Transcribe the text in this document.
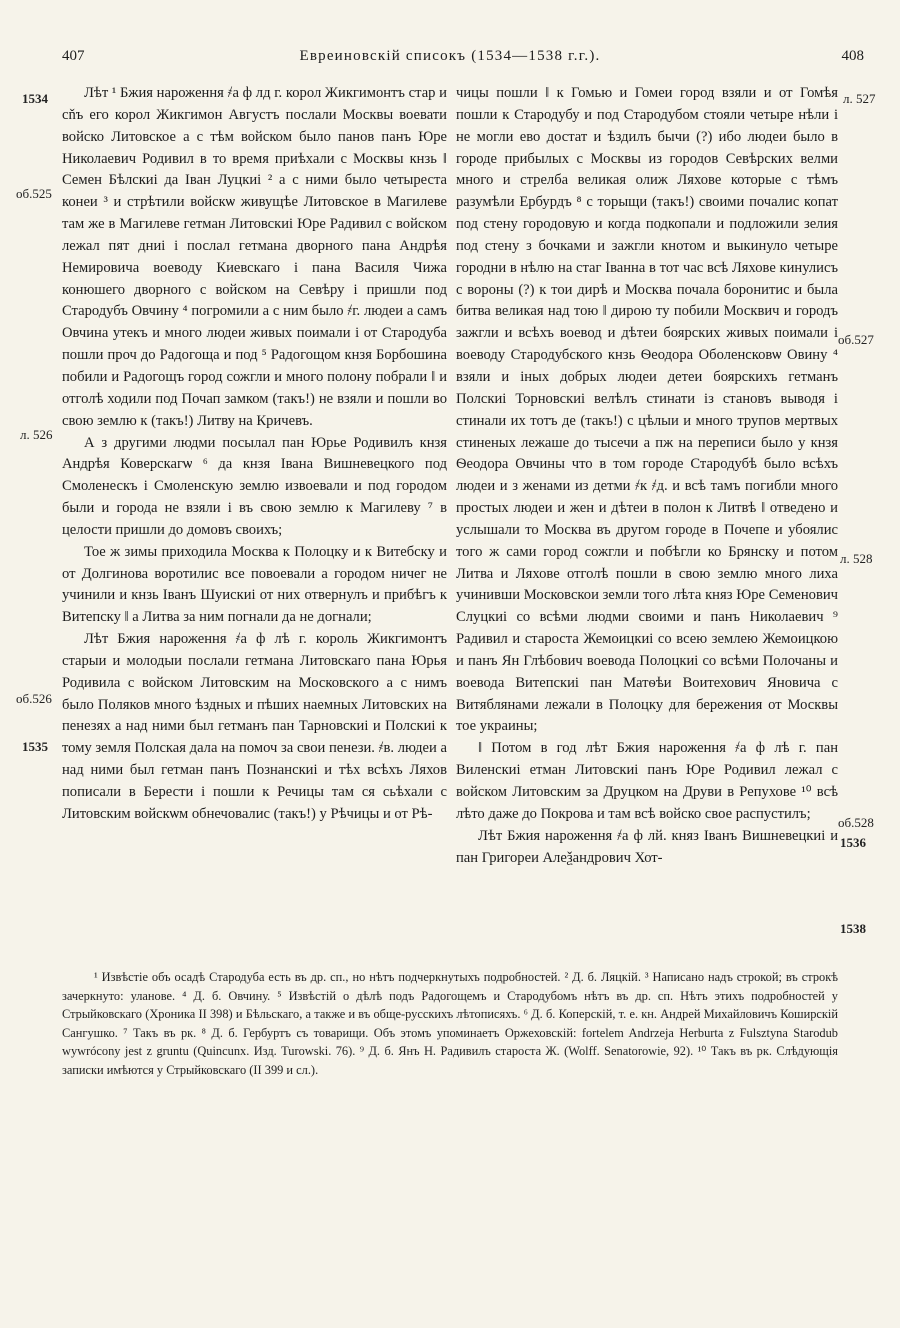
407	Евреиновскій списокъ (1534—1538 г.г.).	408
1534
об.525
л. 526
об.526
1535
л. 527
об.527
л. 528
об.528
1536
1538

Лѣт ¹ Бжия нароження ҂а ф лд г. корол Жикгимонтъ стар и сňъ его корол Жикгимон Августъ послали Москвы воевати войско Литовское а с тѣм войском было панов панъ Юре Николаевич Родивил в то время приѣхали с Москвы кнзь ‖ Семен Бѣлскиі да Іван Луцкиі ² а с ними было четыреста конеи ³ и стрѣтили войскѡ живущѣе Литовское в Магилеве там же в Магилеве гетман Литовскиі Юре Радивил с войском лежал пят дниі і послал гетмана дворного пана Андрѣя Немировича воеводу Киевскаго і пана Василя Чижа конюшего дворного с войском на Севѣру і пришли под Стародубъ Овчину ⁴ погромили а с ним было ҂г. людеи а самъ Овчина утекъ и много людеи живых поимали і от Стародуба пошли проч до Радогоща и под ⁵ Радогощом кнзя Борбошина побили и Радогощъ город сожгли и много полону побрали ‖ и отголѣ ходили под Почап замком (такъ!) не взяли и пошли во свою землю к (такъ!) Литву на Кричевъ.

А з другими людми посылал пан Юрье Родивилъ кнзя Андрѣя Коверскагѡ ⁶ да кнзя Івана Вишневецкого под Смоленескъ і Смоленскую землю извоевали и под городом были и города не взяли і въ свою землю к Магилеву ⁷ в целости пришли до домовъ своихъ;

Тое ж зимы приходила Москва к Полоцку и к Витебску и от Долгинова воротилис все повоевали а городом ничег не учинили и кнзь Іванъ Шуискиі от них отвернулъ и прибѣгъ к Витепску ‖ а Литва за ним погнали да не догнали;

Лѣт Бжия нароження ҂а ф лѣ г. король Жикгимонтъ старыи и молодыи послали гетмана Литовскаго пана Юрья Родивила с войском Литовским на Московского а с нимъ было Поляков много ѣздных и пѣших наемных Литовских на пенезях а над ними был гетманъ пан Тарновскиі и Полскиі к тому земля Полская дала на помоч за свои пенези. ҂в. людеи а над ними был гетман панъ Познанскиі и тѣх всѣхъ Ляхов пописали в Берести і пошли к Речицы там ся сьѣхали с Литовским войскѡм обнечовалис (такъ!) у Рѣчицы и от Рѣ-

чицы пошли ‖ к Гомью и Гомеи город взяли и от Гомѣя пошли к Стародубу и под Стародубом стояли четыре нѣли і не могли ево достат и ѣздилъ бычи (?) ибо людеи было в городе прибылых с Москвы из городов Севѣрских велми много и стрелба великая олиж Ляхове которые с тѣмъ разумѣли Ербурдъ ⁸ с торыщи (такъ!) своими почалис копат под стену городовую и когда подкопали и подложили зелия под стену з бочками и зажгли кнотом и выкинуло четыре городни в нѣлю на стаг Іванна в тот час всѣ Ляхове кинулисъ с вороны (?) к тои дирѣ и Москва почала боронитис и была битва великая над тою ‖ дирою ту побили Москвич и городъ зажгли и всѣхъ воевод и дѣтеи боярских живых поимали і воеводу Стародубского кнзь Ѳеодора Оболенсковѡ Овину ⁴ взяли и іных добрых людеи детеи боярскихъ гетманъ Полскиі Торновскиі велѣлъ стинати із становъ выводя і стинали их тотъ де (такъ!) с цѣлыи и много трупов мертвых стиненых лежаше до тысечи а пж на переписи было у кнзя Ѳеодора Овчины что в том городе Стародубѣ было всѣхъ людеи и з женами из детми ҂к ҂д. и всѣ тамъ погибли много простых людеи и жен и дѣтеи в полон к Литвѣ ‖ отведено и услышали то Москва въ другом городе в Почепе и убоялис того ж сами город сожгли и побѣгли ко Брянску и потом Литва и Ляхове отголѣ пошли в свою землю много лиха учинивши Московскои земли того лѣта княз Юре Семенович Слуцкиі со всѣми людми своими и панъ Николаевич ⁹ Радивил и староста Жемоицкиі со всею землею Жемоицкою и панъ Ян Глѣбович воевода Полоцкиі со всѣми Полочаны и воевода Витепскиі пан Матѳѣи Воитехович Яновича с Витяблянами лежали в Полоцку для бережения от Москвы тое украины;

‖ Потом в год лѣт Бжия нароження ҂а ф лѣ г. пан Виленскиі етман Литовскиі панъ Юре Родивил лежал с войском Литовским за Друцком на Друви в Репухове ¹⁰ всѣ лѣто даже до Покрова и там всѣ войско свое распустилъ;

Лѣт Бжия нароження ҂а ф лй. княз Іванъ Вишневецкиі и пан Григореи Алеѯандрович Хот-

¹ Извѣстіе объ осадѣ Стародуба есть въ др. сп., но нѣтъ подчеркнутыхъ подробностей. ² Д. б. Ляцкій. ³ Написано надъ строкой; въ строкѣ зачеркнуто: уланове. ⁴ Д. б. Овчину. ⁵ Извѣстій о дѣлѣ подъ Радогощемъ и Стародубомъ нѣтъ въ др. сп. Нѣтъ этихъ подробностей у Стрыйковскаго (Хроника II 398) и Бѣльскаго, а также и въ обще-русскихъ лѣтописяхъ. ⁶ Д. б. Коперскій, т. е. кн. Андрей Михайловичъ Коширскій Сангушко. ⁷ Такъ въ рк. ⁸ Д. б. Гербуртъ съ товарищи. Объ этомъ упоминаетъ Оржеховскій: fortelem Andrzeja Herburta z Fulsztyna Starodub wywrócony jest z gruntu (Quincunx. Изд. Turowski. 76). ⁹ Д. б. Янъ Н. Радивилъ староста Ж. (Wolff. Senatorowie, 92). ¹⁰ Такъ въ рк. Слѣдующія записки имѣются у Стрыйковскаго (II 399 и сл.).
